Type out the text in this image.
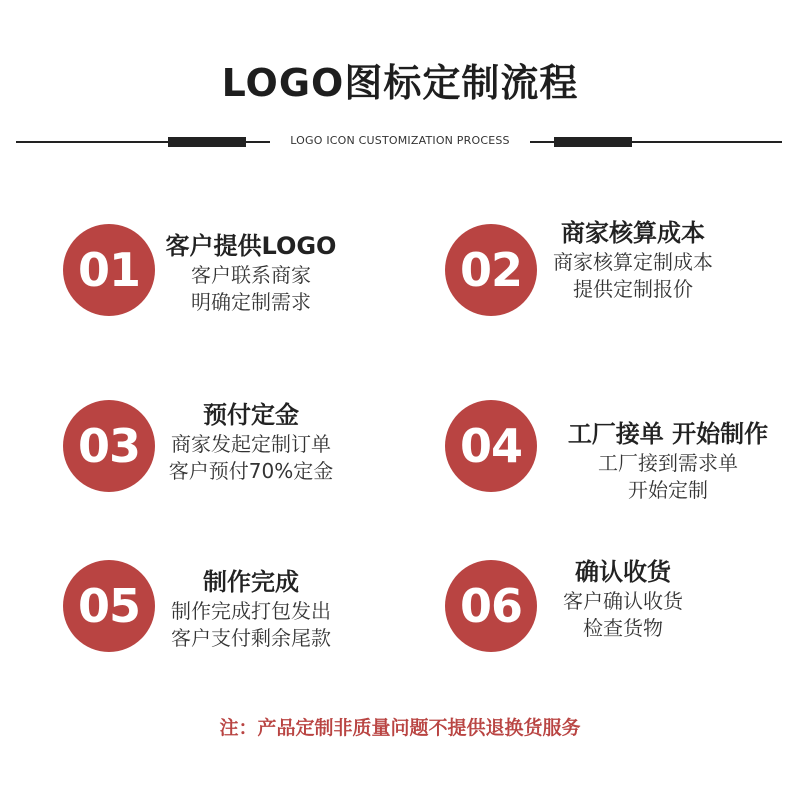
LOGO图标定制流程
LOGO ICON CUSTOMIZATION PROCESS
01	客户提供LOGO
客户联系商家
明确定制需求
02
商家核算成本
商家核算定制成本
提供定制报价
03
预付定金
商家发起定制订单
客户预付70%定金	04	工厂接单 开始制作
工厂接到需求单
开始定制
05	制作完成
制作完成打包发出
客户支付剩余尾款
06
确认收货
客户确认收货
检查货物
注：产品定制非质量问题不提供退换货服务
